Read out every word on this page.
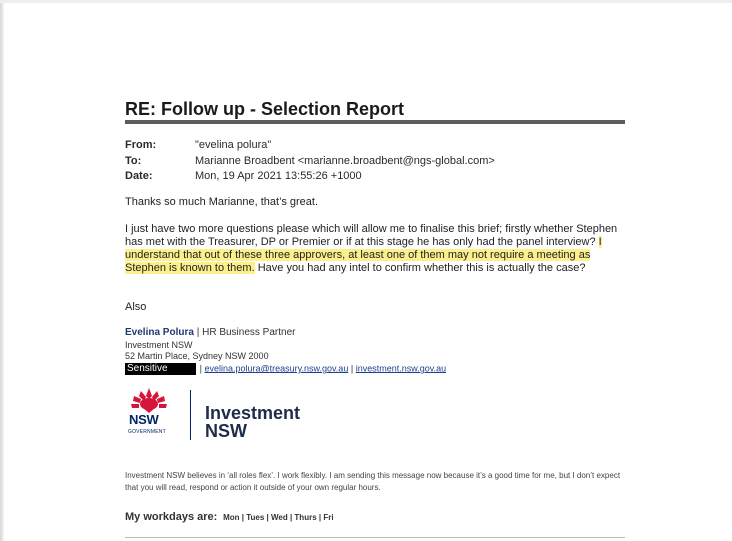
RE: Follow up - Selection Report
From:	"evelina polura"
To:	Marianne Broadbent <marianne.broadbent@ngs-global.com>
Date:	Mon, 19 Apr 2021 13:55:26 +1000
Thanks so much Marianne, that’s great.
I just have two more questions please which will allow me to finalise this brief; firstly whether Stephen has met with the Treasurer, DP or Premier or if at this stage he has only had the panel interview? I understand that out of these three approvers, at least one of them may not require a meeting as Stephen is known to them. Have you had any intel to confirm whether this is actually the case?
Also
Evelina Polura | HR Business Partner
Investment NSW
52 Martin Place, Sydney NSW 2000
Sensitive	| evelina.polura@treasury.nsw.gov.au | investment.nsw.gov.au
NSW
GOVERNMENT
Investment
NSW
Investment NSW believes in ‘all roles flex’. I work flexibly. I am sending this message now because it’s a good time for me, but I don’t expect that you will read, respond or action it outside of your own regular hours.
My workdays are: Mon | Tues | Wed | Thurs | Fri
